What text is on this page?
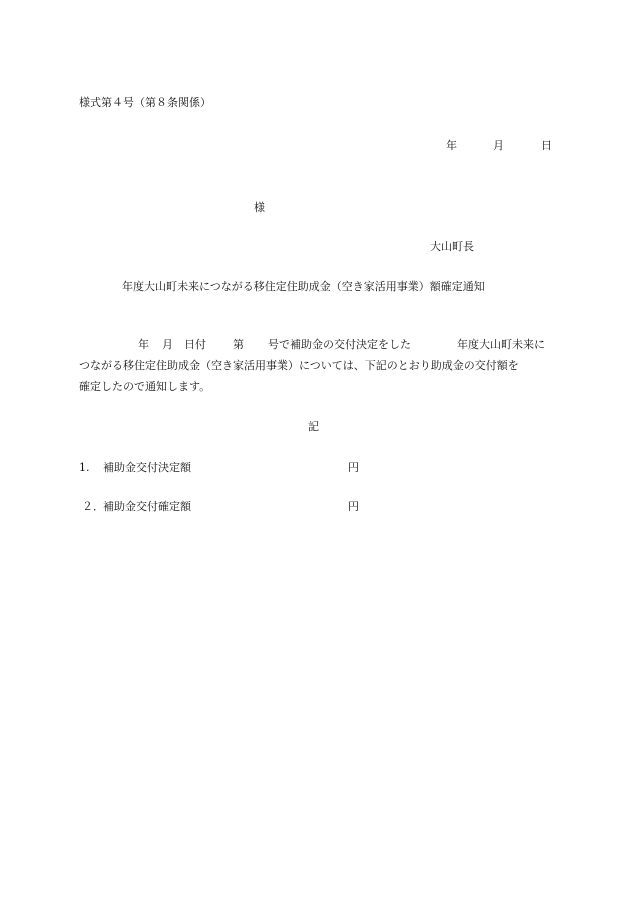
様式第４号（第８条関係）
年	月	日
様
大山町長
年度大山町未来につながる移住定住助成金（空き家活用事業）額確定通知
年 月 日付 第 号で補助金の交付決定をした	年度大山町未来に
つながる移住定住助成金（空き家活用事業）については、下記のとおり助成金の交付額を
確定したので通知します。
記
1. 補助金交付決定額	円
２． 補助金交付確定額	円
